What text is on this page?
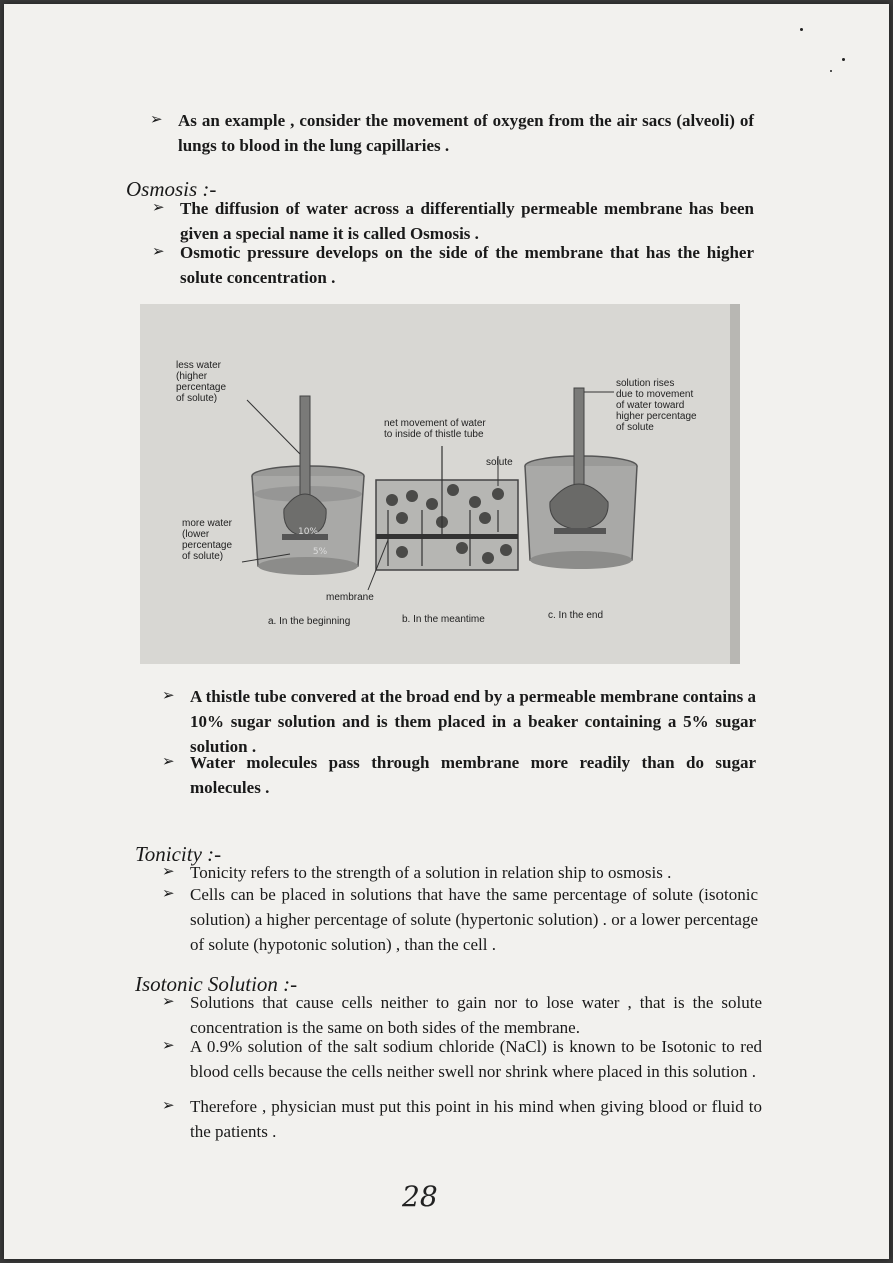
➢ As an example , consider the movement of oxygen from the air sacs (alveoli) of lungs to blood in the lung capillaries .
Osmosis :-
➢ The diffusion of water across a differentially permeable membrane has been given a special name it is called Osmosis .
➢ Osmotic pressure develops on the side of the membrane that has the higher solute concentration .
10%
5%
less water
(higher
percentage
of solute)
more water
(lower
percentage
of solute)
net movement of water
to inside of thistle tube
solute
solution rises
due to movement
of water toward
higher percentage
of solute
membrane
a. In the beginning	b. In the meantime	c. In the end
➢ A thistle tube convered at the broad end by a permeable membrane contains a 10% sugar solution and is them placed in a beaker containing a 5% sugar solution .
➢ Water molecules pass through membrane more readily than do sugar molecules .
Tonicity :-
➢ Tonicity refers to the strength of a solution in relation ship to osmosis .
➢ Cells can be placed in solutions that have the same percentage of solute (isotonic solution) a higher percentage of solute (hypertonic solution) . or a lower percentage of solute (hypotonic solution) , than the cell .
Isotonic Solution :-
➢ Solutions that cause cells neither to gain nor to lose water , that is the solute concentration is the same on both sides of the membrane.
➢ A 0.9% solution of the salt sodium chloride (NaCl) is known to be Isotonic to red blood cells because the cells neither swell nor shrink where placed in this solution .
➢ Therefore , physician must put this point in his mind when giving blood or fluid to the patients .
28
